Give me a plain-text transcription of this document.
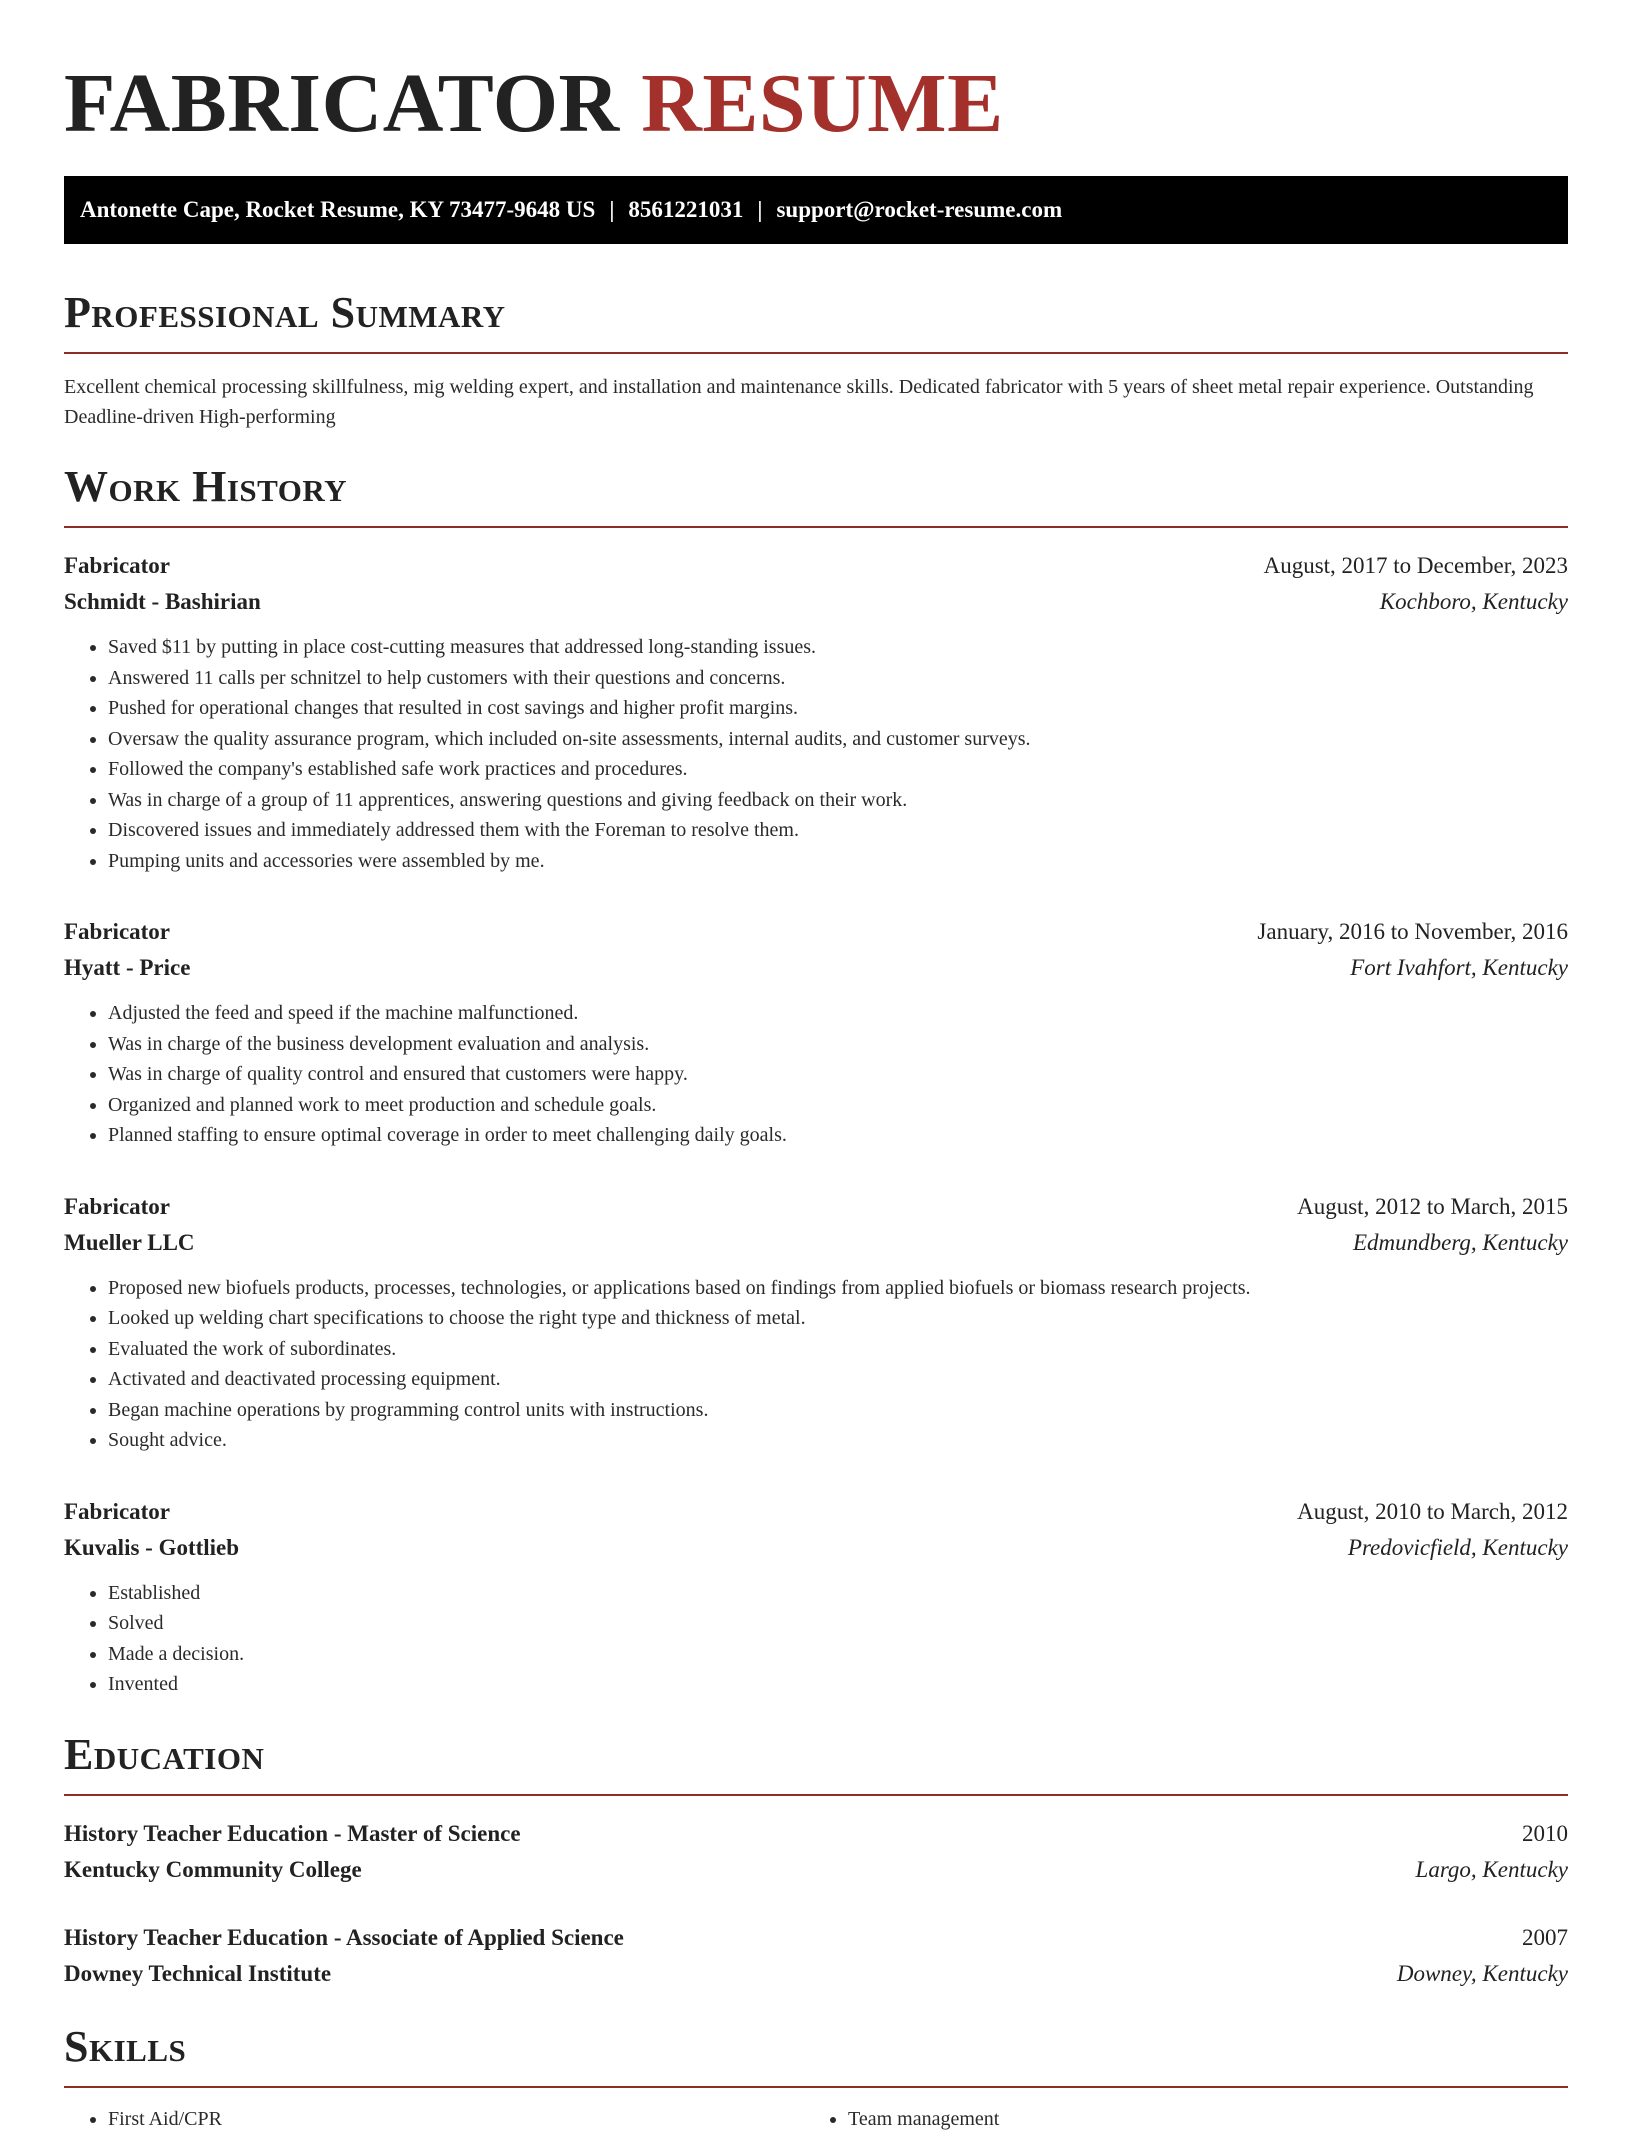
FABRICATOR RESUME
Antonette Cape, Rocket Resume, KY 73477-9648 US | 8561221031 | support@rocket-resume.com
Professional Summary
Excellent chemical processing skillfulness, mig welding expert, and installation and maintenance skills. Dedicated fabricator with 5 years of sheet metal repair experience. Outstanding Deadline-driven High-performing
Work History
Fabricator	August, 2017 to December, 2023
Schmidt - Bashirian	Kochboro, Kentucky
• Saved $11 by putting in place cost-cutting measures that addressed long-standing issues.
• Answered 11 calls per schnitzel to help customers with their questions and concerns.
• Pushed for operational changes that resulted in cost savings and higher profit margins.
• Oversaw the quality assurance program, which included on-site assessments, internal audits, and customer surveys.
• Followed the company's established safe work practices and procedures.
• Was in charge of a group of 11 apprentices, answering questions and giving feedback on their work.
• Discovered issues and immediately addressed them with the Foreman to resolve them.
• Pumping units and accessories were assembled by me.
Fabricator	January, 2016 to November, 2016
Hyatt - Price	Fort Ivahfort, Kentucky
• Adjusted the feed and speed if the machine malfunctioned.
• Was in charge of the business development evaluation and analysis.
• Was in charge of quality control and ensured that customers were happy.
• Organized and planned work to meet production and schedule goals.
• Planned staffing to ensure optimal coverage in order to meet challenging daily goals.
Fabricator	August, 2012 to March, 2015
Mueller LLC	Edmundberg, Kentucky
• Proposed new biofuels products, processes, technologies, or applications based on findings from applied biofuels or biomass research projects.
• Looked up welding chart specifications to choose the right type and thickness of metal.
• Evaluated the work of subordinates.
• Activated and deactivated processing equipment.
• Began machine operations by programming control units with instructions.
• Sought advice.
Fabricator	August, 2010 to March, 2012
Kuvalis - Gottlieb	Predovicfield, Kentucky
• Established
• Solved
• Made a decision.
• Invented
Education
History Teacher Education - Master of Science	2010
Kentucky Community College	Largo, Kentucky
History Teacher Education - Associate of Applied Science	2007
Downey Technical Institute	Downey, Kentucky
Skills
• First Aid/CPR
•	Team management
